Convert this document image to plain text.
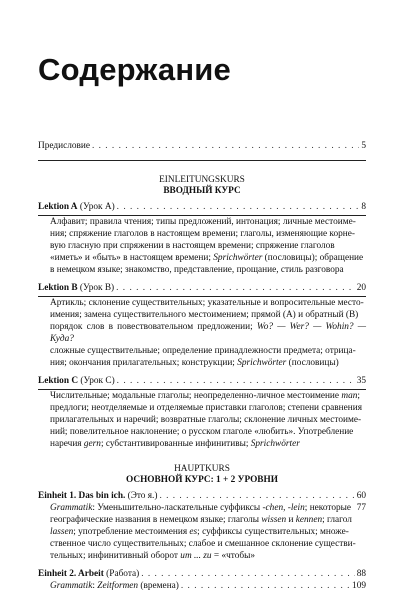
Содержание
Предисловие . . .	5
EINLEITUNGSKURS
ВВОДНЫЙ КУРС
Lektion A (Урок A) . . .	8

Алфавит; правила чтения; типы предложений, интонация; личные местоиме-

ния; спряжение глаголов в настоящем времени; глаголы, изменяющие корне-

вую гласную при спряжении в настоящем времени; спряжение глаголов

«иметь» и «быть» в настоящем времени; Sprichwörter (пословицы); обращение

в немецком языке; знакомство, представление, прощание, стиль разговора

Lektion B (Урок B) . . .	20

Артикль; склонение существительных; указательные и вопросительные место-

имения; замена существительного местоимением; прямой (А) и обратный (В)

порядок слов в повествовательном предложении; Wo? — Wer? — Wohin? — Куда?

сложные существительные; определение принадлежности предмета; отрица-

ния; окончания прилагательных; конструкции; Sprichwörter (пословицы)

Lektion C (Урок C) . . .	35

Числительные; модальные глаголы; неопределенно-личное местоимение man;

предлоги; неотделяемые и отделяемые приставки глаголов; степени сравнения

прилагательных и наречий; возвратные глаголы; склонение личных местоиме-

ний; повелительное наклонение; о русском глаголе «любить». Употребление

наречия gern; субстантивированные инфинитивы; Sprichwörter

HAUPTKURS
ОСНОВНОЙ КУРС: 1 + 2 УРОВНИ
Einheit 1. Das bin ich. (Это я.) . . .	60
Grammatik: Уменьшительно-ласкательные суффиксы -chen, -lein; некоторые 77

географические названия в немецком языке; глаголы wissen и kennen; глагол

lassen; употребление местоимения es; суффиксы существительных; множе-

ственное число существительных; слабое и смешанное склонение существи-

тельных; инфинитивный оборот um ... zu = «чтобы»

Einheit 2. Arbeit (Работа) . . .	88
Grammatik: Zeitformen (времена) . . .	109
